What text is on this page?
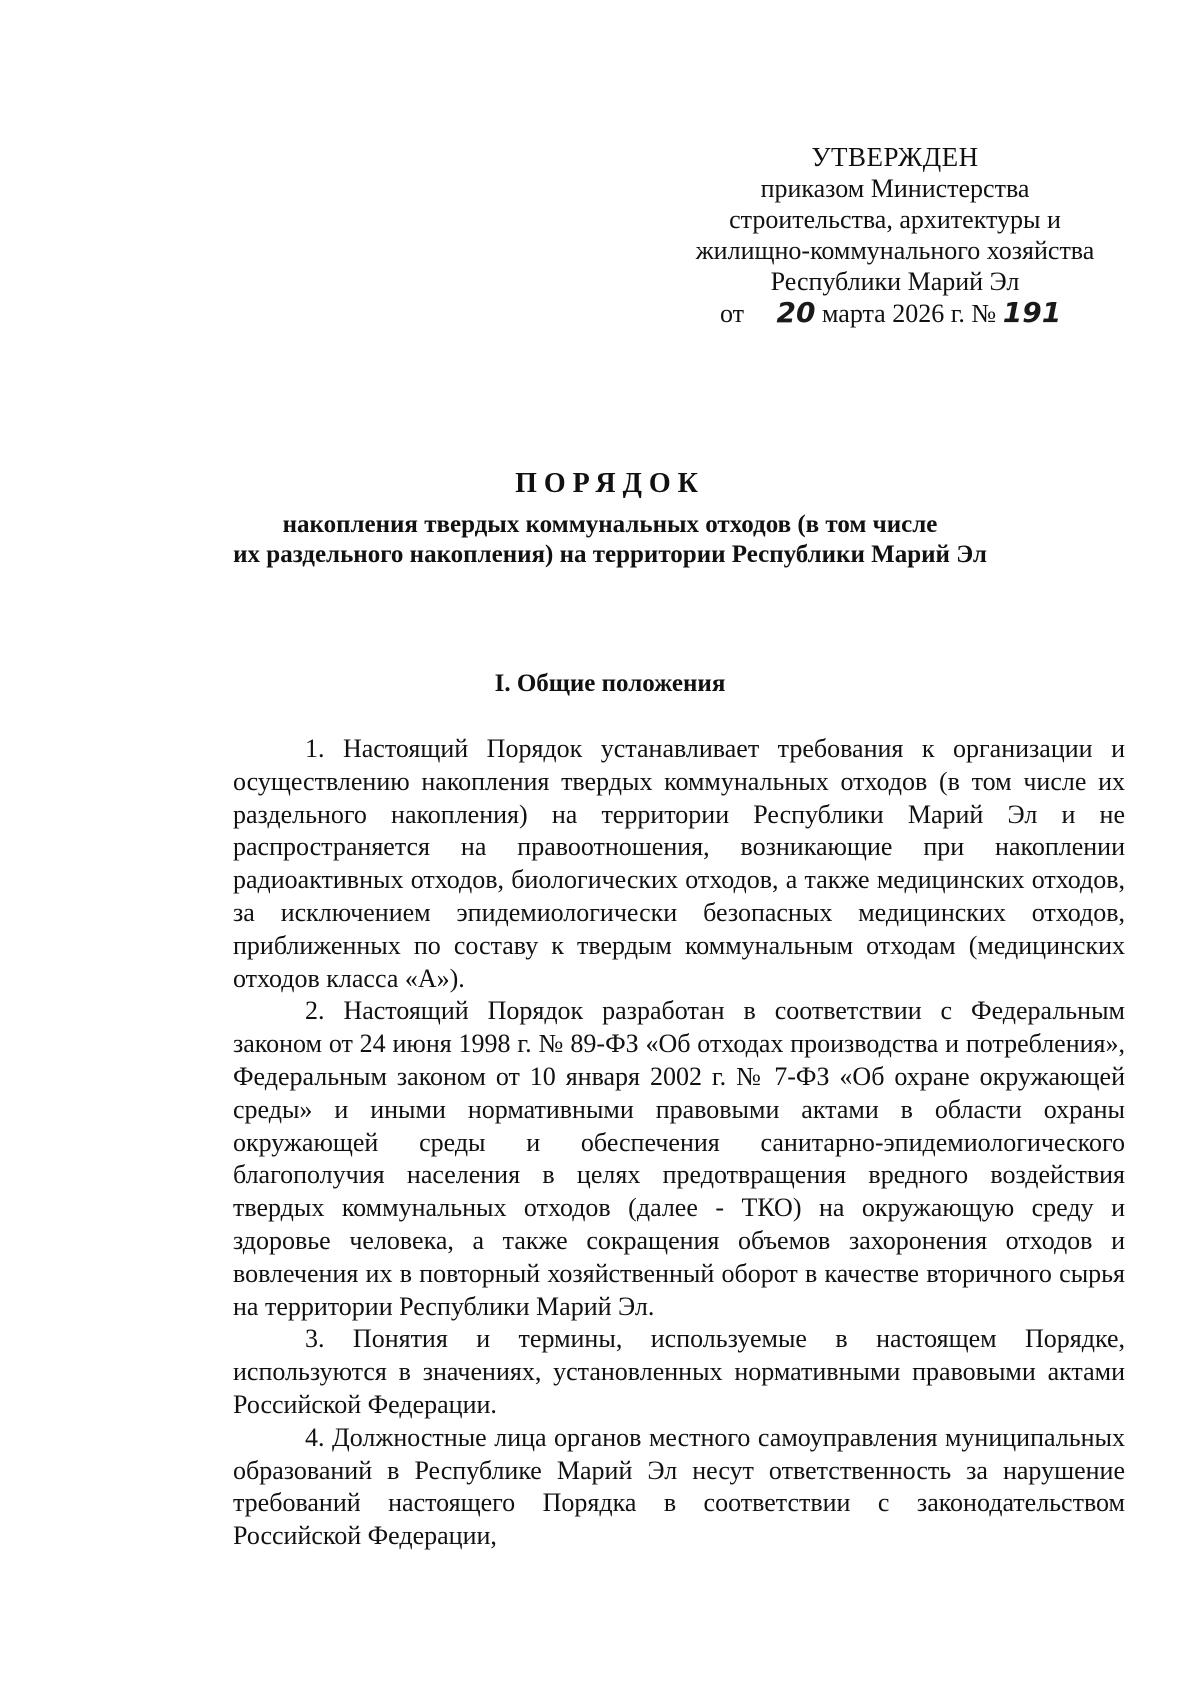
УТВЕРЖДЕН
приказом Министерства
строительства, архитектуры и
жилищно-коммунального хозяйства
Республики Марий Эл
от 20 марта 2026 г. № 191
ПОРЯДОК
накопления твердых коммунальных отходов (в том числе
их раздельного накопления) на территории Республики Марий Эл
I. Общие положения

1. Настоящий Порядок устанавливает требования к организации и осуществлению накопления твердых коммунальных отходов (в том числе их раздельного накопления) на территории Республики Марий Эл и не распространяется на правоотношения, возникающие при накоплении радиоактивных отходов, биологических отходов, а также медицинских отходов, за исключением эпидемиологически безопасных медицинских отходов, приближенных по составу к твердым коммунальным отходам (медицинских отходов класса «А»).

2. Настоящий Порядок разработан в соответствии с Федеральным законом от 24 июня 1998 г. № 89-ФЗ «Об отходах производства и потребления», Федеральным законом от 10 января 2002 г. № 7-ФЗ «Об охране окружающей среды» и иными нормативными правовыми актами в области охраны окружающей среды и обеспечения санитарно-эпидемиологического благополучия населения в целях предотвращения вредного воздействия твердых коммунальных отходов (далее - ТКО) на окружающую среду и здоровье человека, а также сокращения объемов захоронения отходов и вовлечения их в повторный хозяйственный оборот в качестве вторичного сырья на территории Республики Марий Эл.

3. Понятия и термины, используемые в настоящем Порядке, используются в значениях, установленных нормативными правовыми актами Российской Федерации.

4. Должностные лица органов местного самоуправления муниципальных образований в Республике Марий Эл несут ответственность за нарушение требований настоящего Порядка в соответствии с законодательством Российской Федерации,
